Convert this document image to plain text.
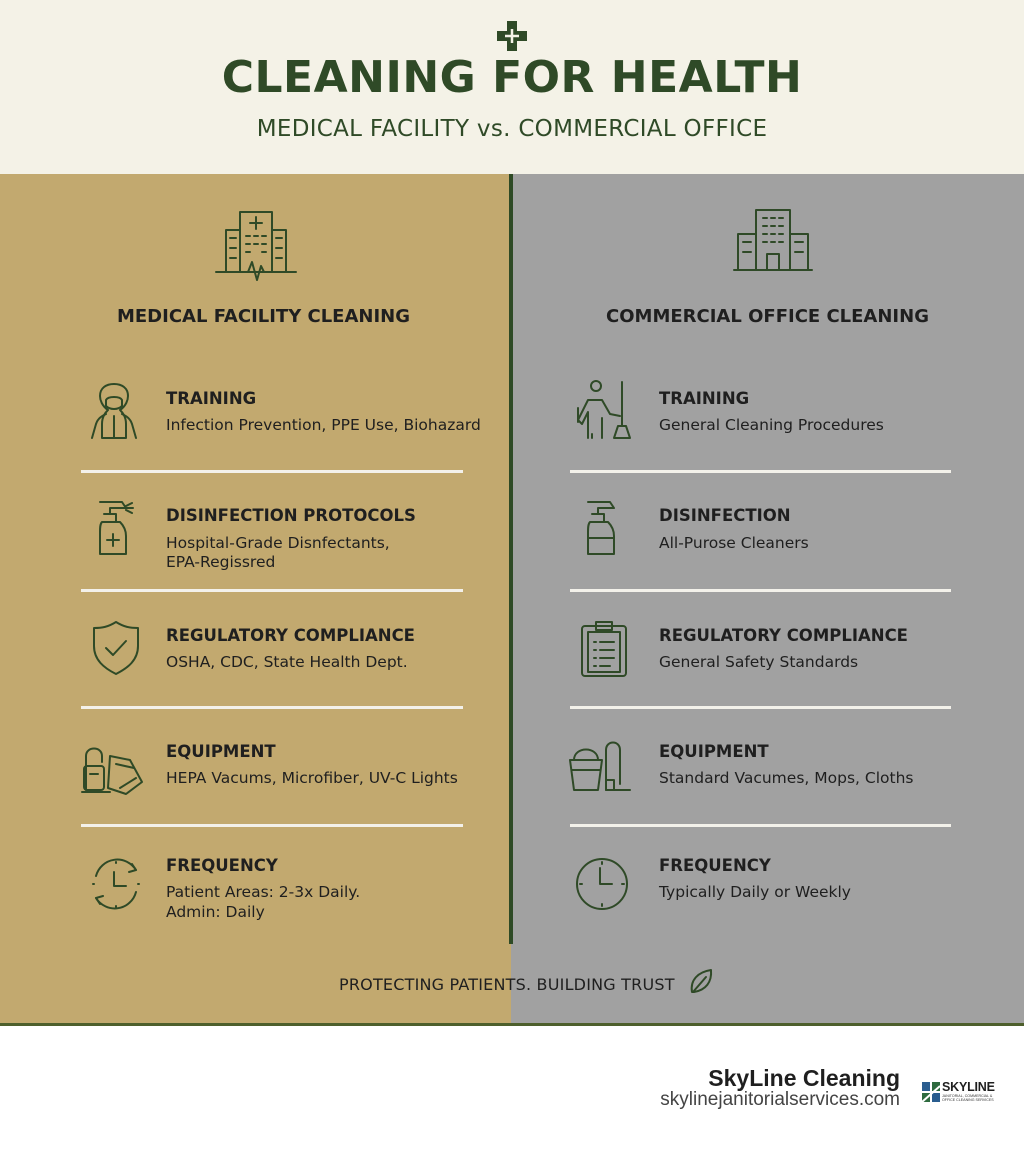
CLEANING FOR HEALTH
MEDICAL FACILITY vs. COMMERCIAL OFFICE
MEDICAL FACILITY CLEANING
TRAINING
Infection Prevention, PPE Use, Biohazard
DISINFECTION PROTOCOLS
Hospital-Grade Disnfectants,
EPA-Regissred
REGULATORY COMPLIANCE
OSHA, CDC, State Health Dept.
EQUIPMENT
HEPA Vacums, Microfiber, UV-C Lights
FREQUENCY
Patient Areas: 2-3x Daily.
Admin: Daily
COMMERCIAL OFFICE CLEANING
TRAINING
General Cleaning Procedures
DISINFECTION
All-Purose Cleaners
REGULATORY COMPLIANCE
General Safety Standards
EQUIPMENT
Standard Vacumes, Mops, Cloths
FREQUENCY
Typically Daily or Weekly
PROTECTING PATIENTS. BUILDING TRUST
SkyLine Cleaning
skylinejanitorialservices.com
SKYLINE
JANITORIAL, COMMERCIAL & OFFICE CLEANING SERVICES
